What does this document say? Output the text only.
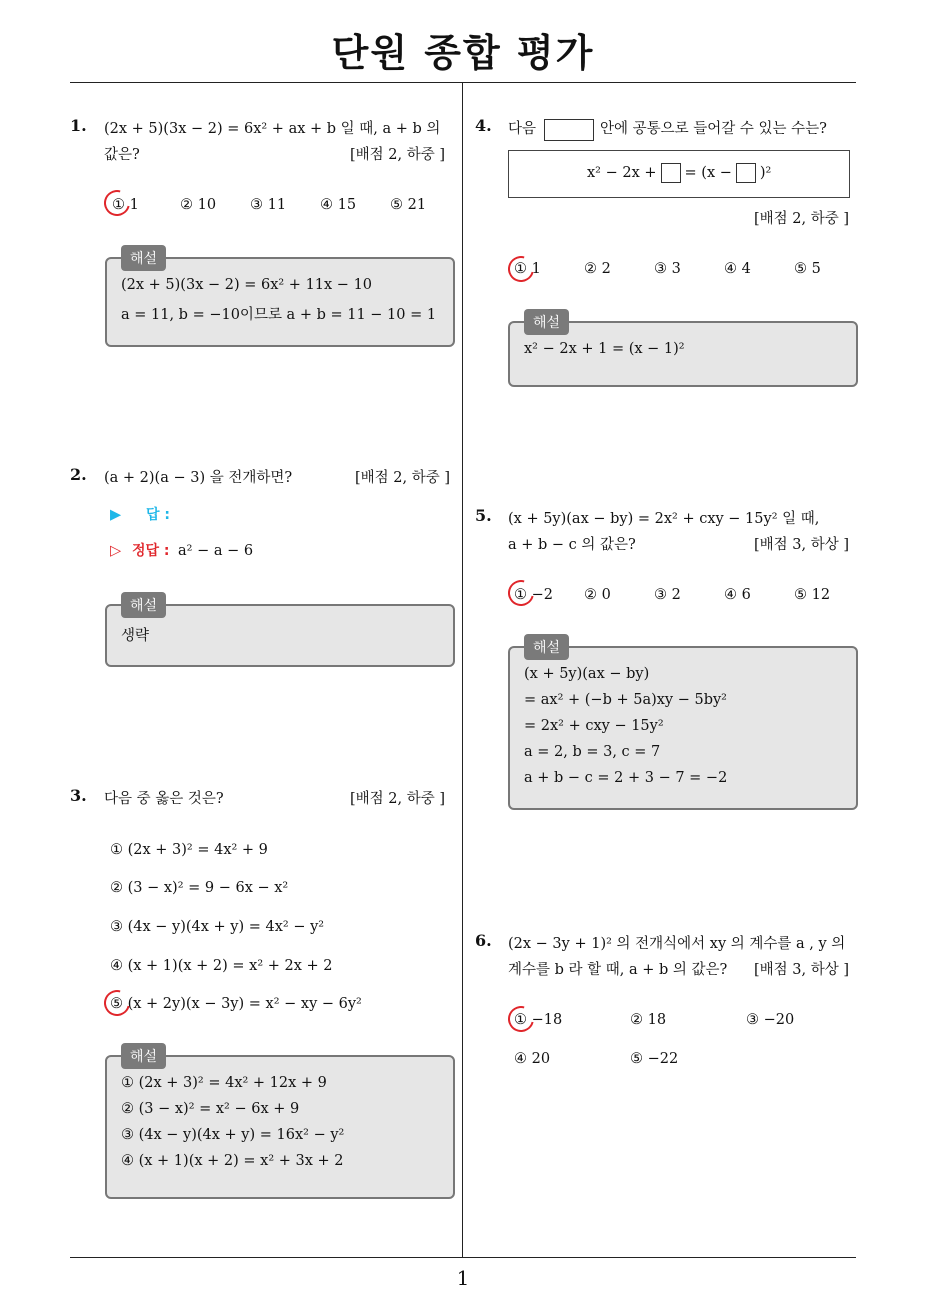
단원 종합 평가
1
1. (2x + 5)(3x − 2) = 6x² + ax + b 일 때, a + b 의
값은?	[배점 2, 하중 ]
① 1	② 10 ③ 11 ④ 15 ⑤ 21
해설
(2x + 5)(3x − 2) = 6x² + 11x − 10
a = 11, b = −10이므로 a + b = 11 − 10 = 1
2. (a + 2)(a − 3) 을 전개하면?	[배점 2, 하중 ]
▶ 답 :
▷ 정답 : a² − a − 6
해설
생략
3. 다음 중 옳은 것은?	[배점 2, 하중 ]
① (2x + 3)² = 4x² + 9
② (3 − x)² = 9 − 6x − x²
③ (4x − y)(4x + y) = 4x² − y²
④ (x + 1)(x + 2) = x² + 2x + 2
⑤ (x + 2y)(x − 3y) = x² − xy − 6y²
해설
① (2x + 3)² = 4x² + 12x + 9
② (3 − x)² = x² − 6x + 9
③ (4x − y)(4x + y) = 16x² − y²
④ (x + 1)(x + 2) = x² + 3x + 2
4. 다음	안에 공통으로 들어갈 수 있는 수는?
x² − 2x + = (x − )²
[배점 2, 하중 ]
① 1	② 2	③ 3	④ 4	⑤ 5
해설
x² − 2x + 1 = (x − 1)²
5. (x + 5y)(ax − by) = 2x² + cxy − 15y² 일 때,
a + b − c 의 값은?	[배점 3, 하상 ]
① −2 ② 0	③ 2	④ 6	⑤ 12
해설
(x + 5y)(ax − by)
= ax² + (−b + 5a)xy − 5by²
= 2x² + cxy − 15y²
a = 2, b = 3, c = 7
a + b − c = 2 + 3 − 7 = −2
6. (2x − 3y + 1)² 의 전개식에서 xy 의 계수를 a , y 의
계수를 b 라 할 때, a + b 의 값은? [배점 3, 하상 ]
① −18	② 18	③ −20
④ 20	⑤ −22
